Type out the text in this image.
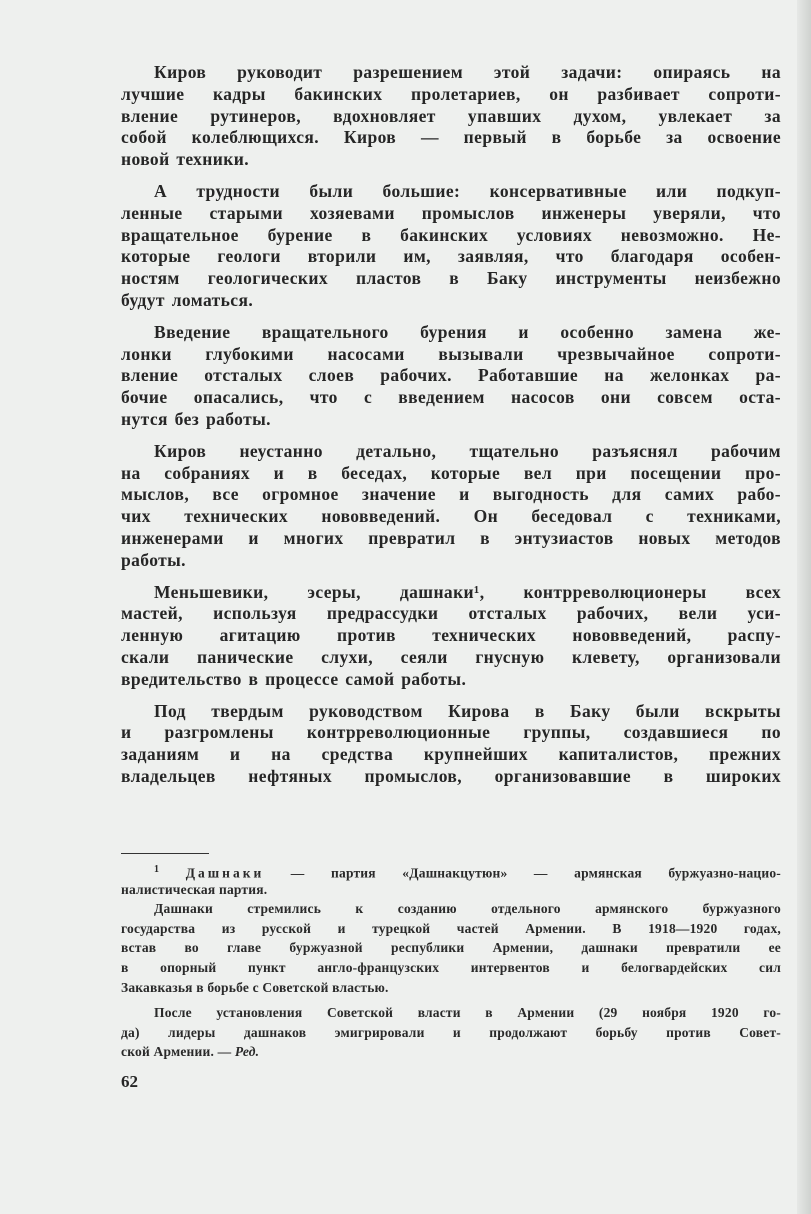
Киров руководит разрешением этой задачи: опираясь на
лучшие кадры бакинских пролетариев, он разбивает сопроти-
вление рутинеров, вдохновляет упавших духом, увлекает за
собой колеблющихся. Киров — первый в борьбе за освоение
новой техники.
А трудности были большие: консервативные или подкуп-
ленные старыми хозяевами промыслов инженеры уверяли, что
вращательное бурение в бакинских условиях невозможно. Не-
которые геологи вторили им, заявляя, что благодаря особен-
ностям геологических пластов в Баку инструменты неизбежно
будут ломаться.
Введение вращательного бурения и особенно замена же-
лонки глубокими насосами вызывали чрезвычайное сопроти-
вление отсталых слоев рабочих. Работавшие на желонках ра-
бочие опасались, что с введением насосов они совсем оста-
нутся без работы.
Киров неустанно детально, тщательно разъяснял рабочим
на собраниях и в беседах, которые вел при посещении про-
мыслов, все огромное значение и выгодность для самих рабо-
чих технических нововведений. Он беседовал с техниками,
инженерами и многих превратил в энтузиастов новых методов
работы.
Меньшевики, эсеры, дашнаки¹, контрреволюционеры всех
мастей, используя предрассудки отсталых рабочих, вели уси-
ленную агитацию против технических нововведений, распу-
скали панические слухи, сеяли гнусную клевету, организовали
вредительство в процессе самой работы.
Под твердым руководством Кирова в Баку были вскрыты
и разгромлены контрреволюционные группы, создавшиеся по
заданиям и на средства крупнейших капиталистов, прежних
владельцев нефтяных промыслов, организовавшие в широких
$^1$ Дашнаки — партия «Дашнакцутюн» — армянская буржуазно-нацио-
налистическая партия.
Дашнаки стремились к созданию отдельного армянского буржуазного
государства из русской и турецкой частей Армении. В 1918—1920 годах,
встав во главе буржуазной республики Армении, дашнаки превратили ее
в опорный пункт англо-французских интервентов и белогвардейских сил
Закавказья в борьбе с Советской властью.
После установления Советской власти в Армении (29 ноября 1920 го-
да) лидеры дашнаков эмигрировали и продолжают борьбу против Совет-
ской Армении. — Ред.
62
